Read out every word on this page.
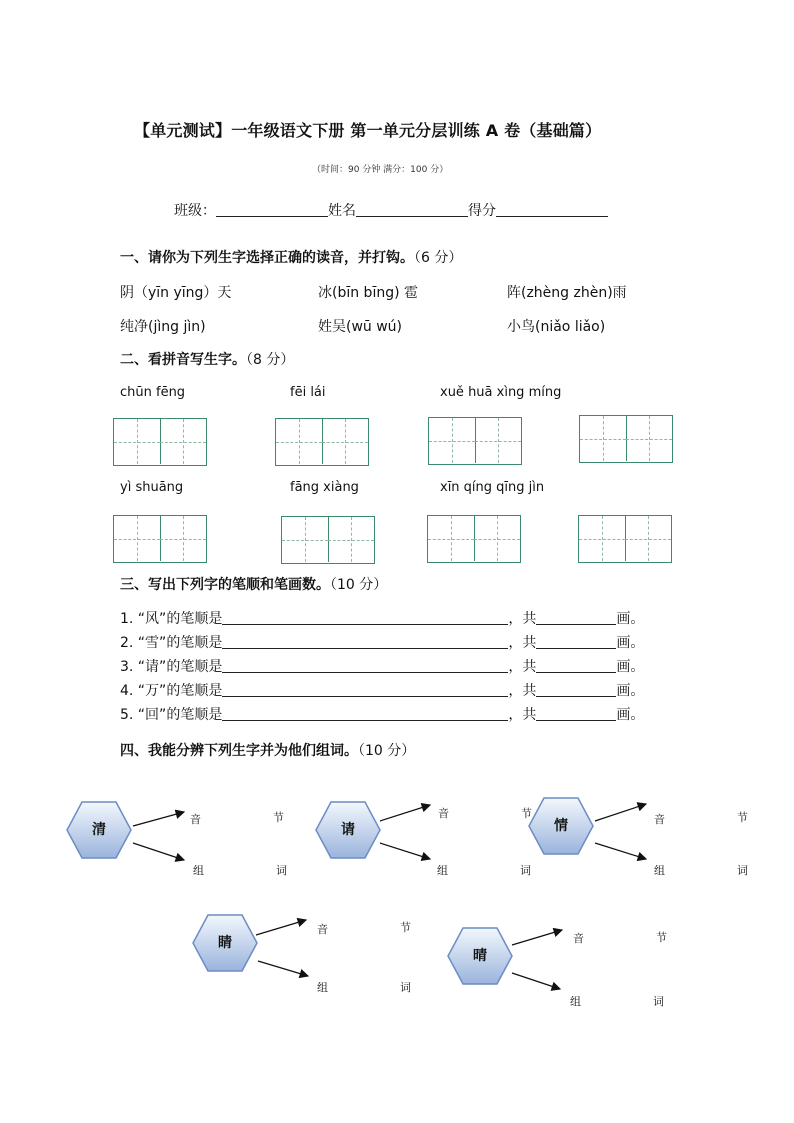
【单元测试】一年级语文下册 第一单元分层训练 A 卷（基础篇）
（时间：90 分钟 满分：100 分）
班级：	姓名	得分
一、请你为下列生字选择正确的读音，并打钩。（6 分）
阴（yīn yīng）天	冰(bīn bīng) 雹	阵(zhèng zhèn)雨
纯净(jìng jìn)	姓吴(wū wú)	小鸟(niǎo liǎo)
二、看拼音写生字。（8 分）
chūn fēng	fēi lái	xuě huā xìng míng
yì shuāng	fāng xiàng	xīn qíng qīng jìn
三、写出下列字的笔顺和笔画数。（10 分）
1. “风”的笔顺是	，共	画。
2. “雪”的笔顺是	，共	画。
3. “请”的笔顺是	，共	画。
4. “万”的笔顺是	，共	画。
5. “回”的笔顺是	，共	画。
四、我能分辨下列生字并为他们组词。（10 分）
清	请	情
睛
晴
音	节
组	词
音	节
组	词
音	节
组	词
音	节
组	词
音	节
组	词
